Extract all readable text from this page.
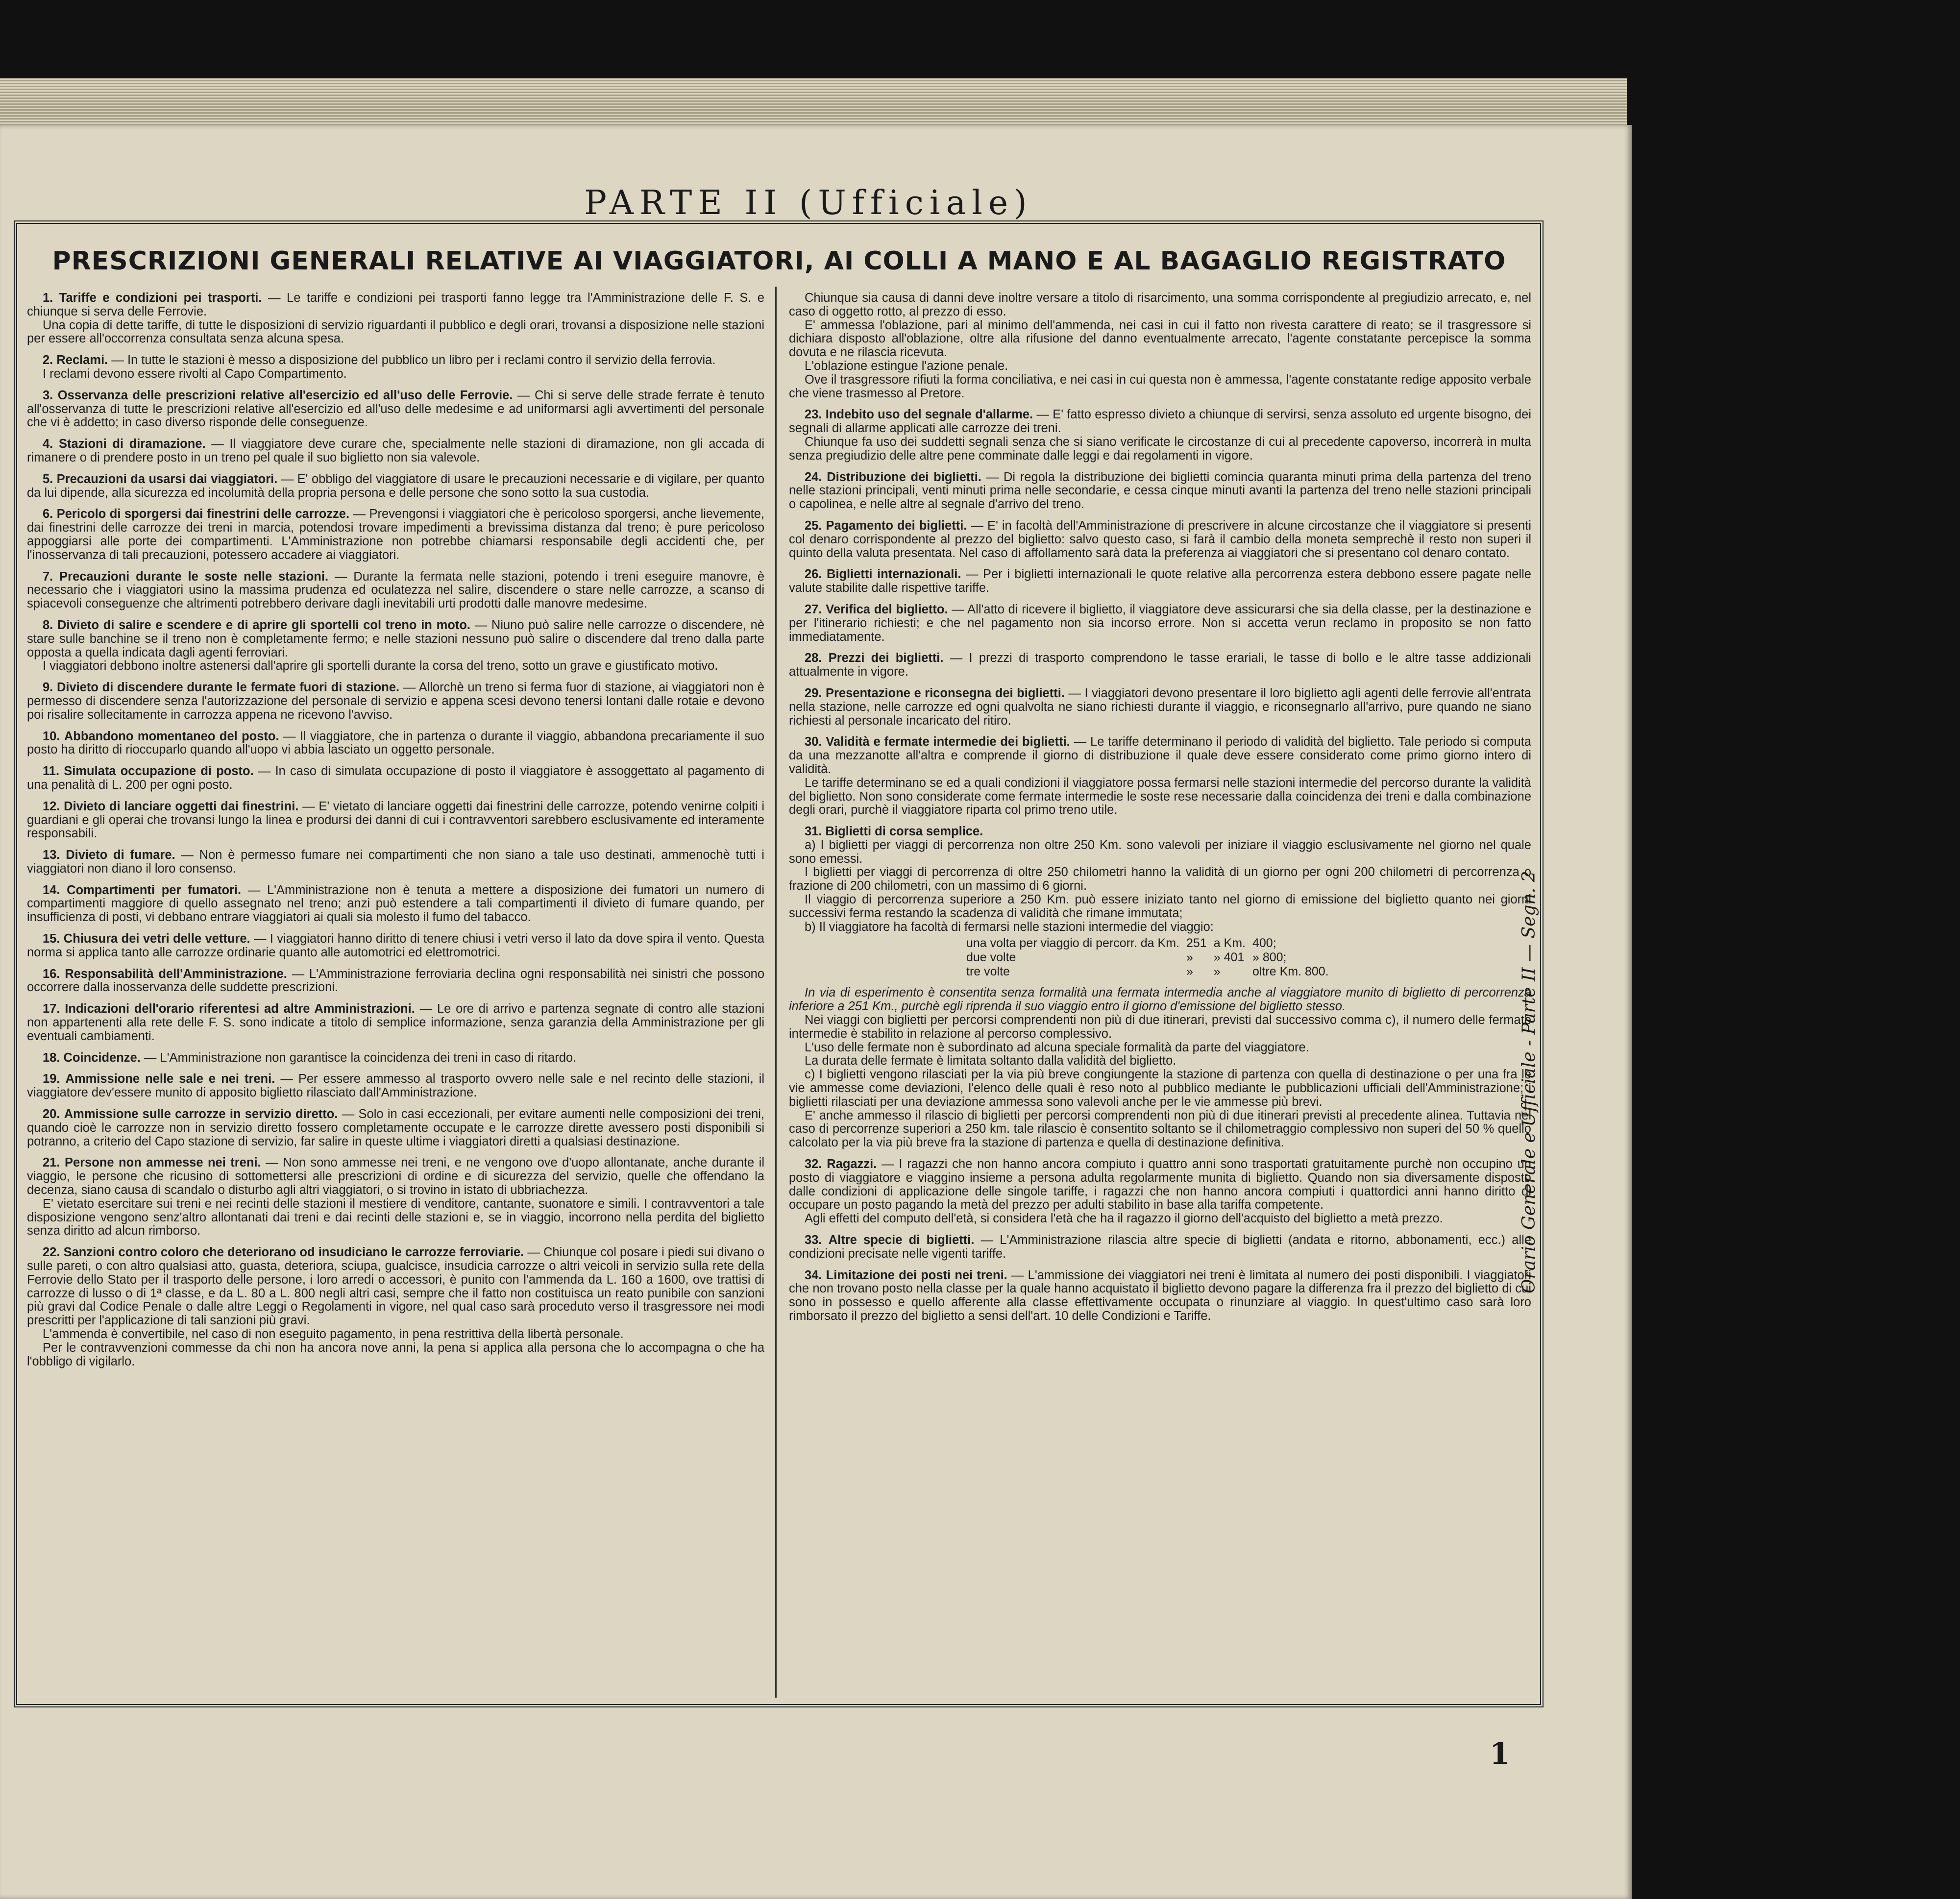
PARTE II (Ufficiale)
PRESCRIZIONI GENERALI RELATIVE AI VIAGGIATORI, AI COLLI A MANO E AL BAGAGLIO REGISTRATO
1. Tariffe e condizioni pei trasporti. — Le tariffe e condizioni pei trasporti fanno legge tra l'Amministrazione delle F. S. e chiunque si serva delle Ferrovie.

Una copia di dette tariffe, di tutte le disposizioni di servizio riguardanti il pubblico e degli orari, trovansi a disposizione nelle stazioni per essere all'occorrenza consultata senza alcuna spesa.

2. Reclami. — In tutte le stazioni è messo a disposizione del pubblico un libro per i reclami contro il servizio della ferrovia.

I reclami devono essere rivolti al Capo Compartimento.

3. Osservanza delle prescrizioni relative all'esercizio ed all'uso delle Ferrovie. — Chi si serve delle strade ferrate è tenuto all'osservanza di tutte le prescrizioni relative all'esercizio ed all'uso delle medesime e ad uniformarsi agli avvertimenti del personale che vi è addetto; in caso diverso risponde delle conseguenze.
4. Stazioni di diramazione. — Il viaggiatore deve curare che, specialmente nelle stazioni di diramazione, non gli accada di rimanere o di prendere posto in un treno pel quale il suo biglietto non sia valevole.
5. Precauzioni da usarsi dai viaggiatori. — E' obbligo del viaggiatore di usare le precauzioni necessarie e di vigilare, per quanto da lui dipende, alla sicurezza ed incolumità della propria persona e delle persone che sono sotto la sua custodia.
6. Pericolo di sporgersi dai finestrini delle carrozze. — Prevengonsi i viaggiatori che è pericoloso sporgersi, anche lievemente, dai finestrini delle carrozze dei treni in marcia, potendosi trovare impedimenti a brevissima distanza dal treno; è pure pericoloso appoggiarsi alle porte dei compartimenti. L'Amministrazione non potrebbe chiamarsi responsabile degli accidenti che, per l'inosservanza di tali precauzioni, potessero accadere ai viaggiatori.
7. Precauzioni durante le soste nelle stazioni. — Durante la fermata nelle stazioni, potendo i treni eseguire manovre, è necessario che i viaggiatori usino la massima prudenza ed oculatezza nel salire, discendere o stare nelle carrozze, a scanso di spiacevoli conseguenze che altrimenti potrebbero derivare dagli inevitabili urti prodotti dalle manovre medesime.
8. Divieto di salire e scendere e di aprire gli sportelli col treno in moto. — Niuno può salire nelle carrozze o discendere, nè stare sulle banchine se il treno non è completamente fermo; e nelle stazioni nessuno può salire o discendere dal treno dalla parte opposta a quella indicata dagli agenti ferroviari.

I viaggiatori debbono inoltre astenersi dall'aprire gli sportelli durante la corsa del treno, sotto un grave e giustificato motivo.

9. Divieto di discendere durante le fermate fuori di stazione. — Allorchè un treno si ferma fuor di stazione, ai viaggiatori non è permesso di discendere senza l'autorizzazione del personale di servizio e appena scesi devono tenersi lontani dalle rotaie e devono poi risalire sollecitamente in carrozza appena ne ricevono l'avviso.
10. Abbandono momentaneo del posto. — Il viaggiatore, che in partenza o durante il viaggio, abbandona precariamente il suo posto ha diritto di rioccuparlo quando all'uopo vi abbia lasciato un oggetto personale.
11. Simulata occupazione di posto. — In caso di simulata occupazione di posto il viaggiatore è assoggettato al pagamento di una penalità di L. 200 per ogni posto.
12. Divieto di lanciare oggetti dai finestrini. — E' vietato di lanciare oggetti dai finestrini delle carrozze, potendo venirne colpiti i guardiani e gli operai che trovansi lungo la linea e prodursi dei danni di cui i contravventori sarebbero esclusivamente ed interamente responsabili.
13. Divieto di fumare. — Non è permesso fumare nei compartimenti che non siano a tale uso destinati, ammenochè tutti i viaggiatori non diano il loro consenso.
14. Compartimenti per fumatori. — L'Amministrazione non è tenuta a mettere a disposizione dei fumatori un numero di compartimenti maggiore di quello assegnato nel treno; anzi può estendere a tali compartimenti il divieto di fumare quando, per insufficienza di posti, vi debbano entrare viaggiatori ai quali sia molesto il fumo del tabacco.
15. Chiusura dei vetri delle vetture. — I viaggiatori hanno diritto di tenere chiusi i vetri verso il lato da dove spira il vento. Questa norma si applica tanto alle carrozze ordinarie quanto alle automotrici ed elettromotrici.
16. Responsabilità dell'Amministrazione. — L'Amministrazione ferroviaria declina ogni responsabilità nei sinistri che possono occorrere dalla inosservanza delle suddette prescrizioni.
17. Indicazioni dell'orario riferentesi ad altre Amministrazioni. — Le ore di arrivo e partenza segnate di contro alle stazioni non appartenenti alla rete delle F. S. sono indicate a titolo di semplice informazione, senza garanzia della Amministrazione per gli eventuali cambiamenti.
18. Coincidenze. — L'Amministrazione non garantisce la coincidenza dei treni in caso di ritardo.
19. Ammissione nelle sale e nei treni. — Per essere ammesso al trasporto ovvero nelle sale e nel recinto delle stazioni, il viaggiatore dev'essere munito di apposito biglietto rilasciato dall'Amministrazione.
20. Ammissione sulle carrozze in servizio diretto. — Solo in casi eccezionali, per evitare aumenti nelle composizioni dei treni, quando cioè le carrozze non in servizio diretto fossero completamente occupate e le carrozze dirette avessero posti disponibili si potranno, a criterio del Capo stazione di servizio, far salire in queste ultime i viaggiatori diretti a qualsiasi destinazione.
21. Persone non ammesse nei treni. — Non sono ammesse nei treni, e ne vengono ove d'uopo allontanate, anche durante il viaggio, le persone che ricusino di sottomettersi alle prescrizioni di ordine e di sicurezza del servizio, quelle che offendano la decenza, siano causa di scandalo o disturbo agli altri viaggiatori, o si trovino in istato di ubbriachezza.

E' vietato esercitare sui treni e nei recinti delle stazioni il mestiere di venditore, cantante, suonatore e simili. I contravventori a tale disposizione vengono senz'altro allontanati dai treni e dai recinti delle stazioni e, se in viaggio, incorrono nella perdita del biglietto senza diritto ad alcun rimborso.

22. Sanzioni contro coloro che deteriorano od insudiciano le carrozze ferroviarie. — Chiunque col posare i piedi sui divano o sulle pareti, o con altro qualsiasi atto, guasta, deteriora, sciupa, gualcisce, insudicia carrozze o altri veicoli in servizio sulla rete della Ferrovie dello Stato per il trasporto delle persone, i loro arredi o accessori, è punito con l'ammenda da L. 160 a 1600, ove trattisi di carrozze di lusso o di 1ª classe, e da L. 80 a L. 800 negli altri casi, sempre che il fatto non costituisca un reato punibile con sanzioni più gravi dal Codice Penale o dalle altre Leggi o Regolamenti in vigore, nel qual caso sarà proceduto verso il trasgressore nei modi prescritti per l'applicazione di tali sanzioni più gravi.

L'ammenda è convertibile, nel caso di non eseguito pagamento, in pena restrittiva della libertà personale.

Per le contravvenzioni commesse da chi non ha ancora nove anni, la pena si applica alla persona che lo accompagna o che ha l'obbligo di vigilarlo.

Chiunque sia causa di danni deve inoltre versare a titolo di risarcimento, una somma corrispondente al pregiudizio arrecato, e, nel caso di oggetto rotto, al prezzo di esso.
E' ammessa l'oblazione, pari al minimo dell'ammenda, nei casi in cui il fatto non rivesta carattere di reato; se il trasgressore si dichiara disposto all'oblazione, oltre alla rifusione del danno eventualmente arrecato, l'agente constatante percepisce la somma dovuta e ne rilascia ricevuta.
L'oblazione estingue l'azione penale.
Ove il trasgressore rifiuti la forma conciliativa, e nei casi in cui questa non è ammessa, l'agente constatante redige apposito verbale che viene trasmesso al Pretore.
23. Indebito uso del segnale d'allarme. — E' fatto espresso divieto a chiunque di servirsi, senza assoluto ed urgente bisogno, dei segnali di allarme applicati alle carrozze dei treni.

Chiunque fa uso dei suddetti segnali senza che si siano verificate le circostanze di cui al precedente capoverso, incorrerà in multa senza pregiudizio delle altre pene comminate dalle leggi e dai regolamenti in vigore.

24. Distribuzione dei biglietti. — Di regola la distribuzione dei biglietti comincia quaranta minuti prima della partenza del treno nelle stazioni principali, venti minuti prima nelle secondarie, e cessa cinque minuti avanti la partenza del treno nelle stazioni principali o capolinea, e nelle altre al segnale d'arrivo del treno.
25. Pagamento dei biglietti. — E' in facoltà dell'Amministrazione di prescrivere in alcune circostanze che il viaggiatore si presenti col denaro corrispondente al prezzo del biglietto: salvo questo caso, si farà il cambio della moneta semprechè il resto non superi il quinto della valuta presentata. Nel caso di affollamento sarà data la preferenza ai viaggiatori che si presentano col denaro contato.
26. Biglietti internazionali. — Per i biglietti internazionali le quote relative alla percorrenza estera debbono essere pagate nelle valute stabilite dalle rispettive tariffe.
27. Verifica del biglietto. — All'atto di ricevere il biglietto, il viaggiatore deve assicurarsi che sia della classe, per la destinazione e per l'itinerario richiesti; e che nel pagamento non sia incorso errore. Non si accetta verun reclamo in proposito se non fatto immediatamente.
28. Prezzi dei biglietti. — I prezzi di trasporto comprendono le tasse erariali, le tasse di bollo e le altre tasse addizionali attualmente in vigore.
29. Presentazione e riconsegna dei biglietti. — I viaggiatori devono presentare il loro biglietto agli agenti delle ferrovie all'entrata nella stazione, nelle carrozze ed ogni qualvolta ne siano richiesti durante il viaggio, e riconsegnarlo all'arrivo, pure quando ne siano richiesti al personale incaricato del ritiro.
30. Validità e fermate intermedie dei biglietti. — Le tariffe determinano il periodo di validità del biglietto. Tale periodo si computa da una mezzanotte all'altra e comprende il giorno di distribuzione il quale deve essere considerato come primo giorno intero di validità.

Le tariffe determinano se ed a quali condizioni il viaggiatore possa fermarsi nelle stazioni intermedie del percorso durante la validità del biglietto. Non sono considerate come fermate intermedie le soste rese necessarie dalla coincidenza dei treni e dalla combinazione degli orari, purchè il viaggiatore riparta col primo treno utile.

31. Biglietti di corsa semplice.

a) I biglietti per viaggi di percorrenza non oltre 250 Km. sono valevoli per iniziare il viaggio esclusivamente nel giorno nel quale sono emessi.

I biglietti per viaggi di percorrenza di oltre 250 chilometri hanno la validità di un giorno per ogni 200 chilometri di percorrenza o frazione di 200 chilometri, con un massimo di 6 giorni.

Il viaggio di percorrenza superiore a 250 Km. può essere iniziato tanto nel giorno di emissione del biglietto quanto nei giorni successivi ferma restando la scadenza di validità che rimane immutata;

b) Il viaggiatore ha facoltà di fermarsi nelle stazioni intermedie del viaggio:

una volta per viaggio di percorr. da Km.	251	a Km.	400;
due volte	»	» 401	» 800;
tre volte	»	»	oltre Km. 800.

In via di esperimento è consentita senza formalità una fermata intermedia anche al viaggiatore munito di biglietto di percorrenza inferiore a 251 Km., purchè egli riprenda il suo viaggio entro il giorno d'emissione del biglietto stesso.

Nei viaggi con biglietti per percorsi comprendenti non più di due itinerari, previsti dal successivo comma c), il numero delle fermate intermedie è stabilito in relazione al percorso complessivo.

L'uso delle fermate non è subordinato ad alcuna speciale formalità da parte del viaggiatore.

La durata delle fermate è limitata soltanto dalla validità del biglietto.

c) I biglietti vengono rilasciati per la via più breve congiungente la stazione di partenza con quella di destinazione o per una fra le vie ammesse come deviazioni, l'elenco delle quali è reso noto al pubblico mediante le pubblicazioni ufficiali dell'Amministrazione; i biglietti rilasciati per una deviazione ammessa sono valevoli anche per le vie ammesse più brevi.

E' anche ammesso il rilascio di biglietti per percorsi comprendenti non più di due itinerari previsti al precedente alinea. Tuttavia nel caso di percorrenze superiori a 250 km. tale rilascio è consentito soltanto se il chilometraggio complessivo non superi del 50 % quello calcolato per la via più breve fra la stazione di partenza e quella di destinazione definitiva.

32. Ragazzi. — I ragazzi che non hanno ancora compiuto i quattro anni sono trasportati gratuitamente purchè non occupino un posto di viaggiatore e viaggino insieme a persona adulta regolarmente munita di biglietto. Quando non sia diversamente disposto dalle condizioni di applicazione delle singole tariffe, i ragazzi che non hanno ancora compiuti i quattordici anni hanno diritto di occupare un posto pagando la metà del prezzo per adulti stabilito in base alla tariffa competente.

Agli effetti del computo dell'età, si considera l'età che ha il ragazzo il giorno dell'acquisto del biglietto a metà prezzo.

33. Altre specie di biglietti. — L'Amministrazione rilascia altre specie di biglietti (andata e ritorno, abbonamenti, ecc.) alle condizioni precisate nelle vigenti tariffe.
34. Limitazione dei posti nei treni. — L'ammissione dei viaggiatori nei treni è limitata al numero dei posti disponibili. I viaggiatori che non trovano posto nella classe per la quale hanno acquistato il biglietto devono pagare la differenza fra il prezzo del biglietto di cui sono in possesso e quello afferente alla classe effettivamente occupata o rinunziare al viaggio. In quest'ultimo caso sarà loro rimborsato il prezzo del biglietto a sensi dell'art. 10 delle Condizioni e Tariffe.
1
Orario Generale e Ufficiale - Parte II — Segn. 2
